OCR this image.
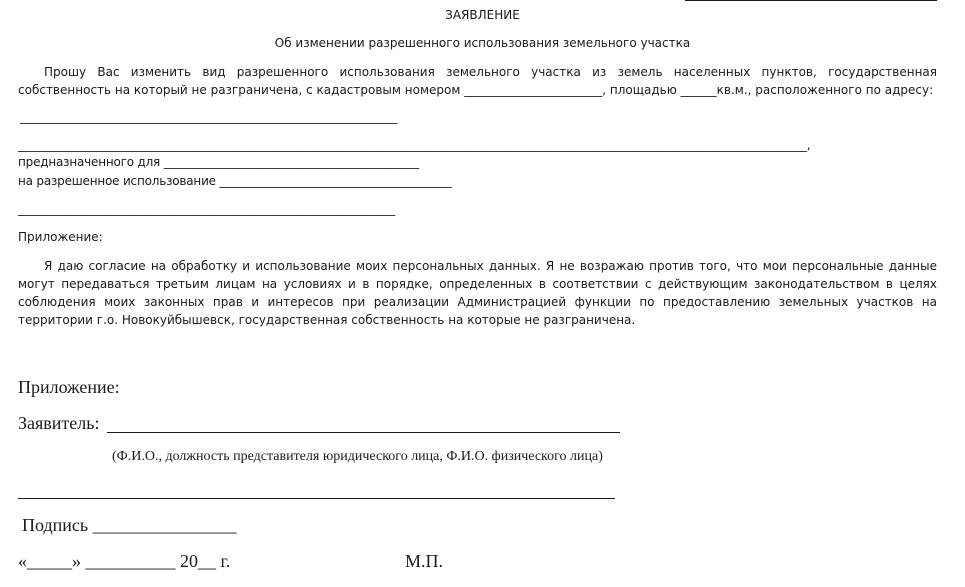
ЗАЯВЛЕНИЕ
Об изменении разрешенного использования земельного участка
Прошу Вас изменить вид разрешенного использования земельного участка из земель населенных пунктов, государственная собственность на который не разграничена, с кадастровым номером _______________________, площадью ______кв.м., расположенного по адресу:
_________________________________________________________________
________________________________________________________________________________________________________________________________________,
предназначенного для ____________________________________________
на разрешенное использование ________________________________________
_________________________________________________________________
Приложение:
Я даю согласие на обработку и использование моих персональных данных. Я не возражаю против того, что мои персональные данные могут передаваться третьим лицам на условиях и в порядке, определенных в соответствии с действующим законодательством в целях соблюдения моих законных прав и интересов при реализации Администрацией функции по предоставлению земельных участков на территории г.о. Новокуйбышевск, государственная собственность на которые не разграничена.
Приложение:
Заявитель:
(Ф.И.О., должность представителя юридического лица, Ф.И.О. физического лица)
Подпись ________________
«_____» __________ 20__ г.	М.П.
